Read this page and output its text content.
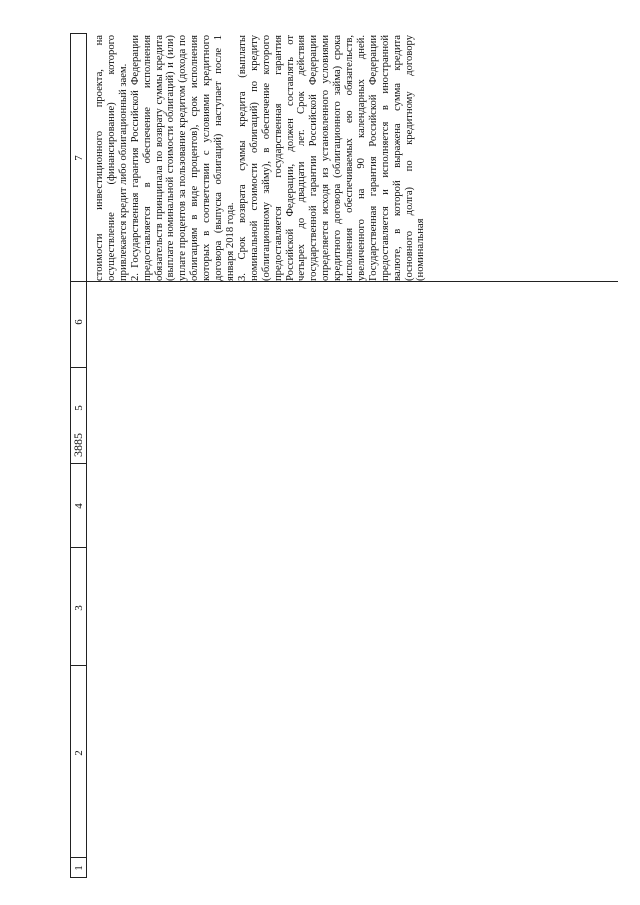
3885
1
2
3
4
5
6
7 стоимости инвестиционного проекта, на осуществление (финансирование) которого привлекается кредит либо облигационный заем. 2. Государственная гарантия Российской Федерации предоставляется в обеспечение исполнения обязательств принципала по возврату суммы кредита (выплате номинальной стоимости облигаций) и (или) уплате процентов за пользование кредитом (дохода по облигациям в виде процентов), срок исполнения которых в соответствии с условиями кредитного договора (выпуска облигаций) наступает после 1 января 2018 года. 3. Срок возврата суммы кредита (выплаты номинальной стоимости облигаций) по кредиту (облигационному займу), в обеспечение которого предоставляется государственная гарантия Российской Федерации, должен составлять от четырех до двадцати лет. Срок действия государственной гарантии Российской Федерации определяется исходя из установленного условиями кредитного договора (облигационного займа) срока исполнения обеспечиваемых ею обязательств, увеличенного на 90 календарных дней. Государственная гарантия Российской Федерации предоставляется и исполняется в иностранной валюте, в которой выражена сумма кредита (основного долга) по кредитному договору (номинальная
